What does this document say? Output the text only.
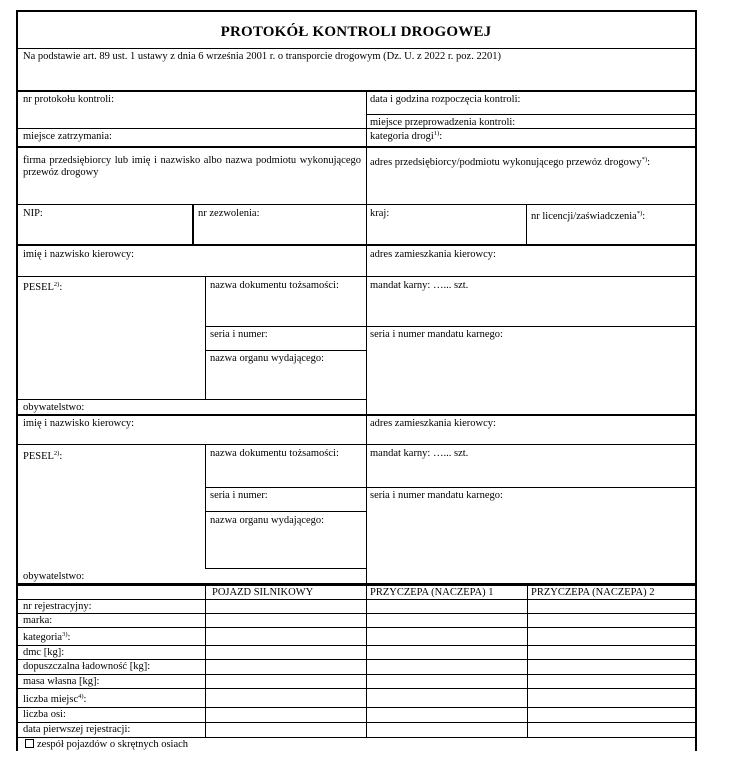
PROTOKÓŁ KONTROLI DROGOWEJ
Na podstawie art. 89 ust. 1 ustawy z dnia 6 września 2001 r. o transporcie drogowym (Dz. U. z 2022 r. poz. 2201)
nr protokołu kontroli:	data i godzina rozpoczęcia kontroli:
miejsce przeprowadzenia kontroli:
miejsce zatrzymania:	kategoria drogi$^{1)}$:
firma przedsiębiorcy lub imię i nazwisko albo nazwa podmiotu wykonującego przewóz drogowy
adres przedsiębiorcy/podmiotu wykonującego przewóz drogowy*):
NIP:	nr zezwolenia:	kraj:	nr licencji/zaświadczenia*):
imię i nazwisko kierowcy:	adres zamieszkania kierowcy:
PESEL$^{2)}$:	nazwa dokumentu tożsamości:	mandat karny: …... szt.
seria i numer:	seria i numer mandatu karnego:
nazwa organu wydającego:
obywatelstwo:
imię i nazwisko kierowcy:	adres zamieszkania kierowcy:
PESEL$^{2)}$:	nazwa dokumentu tożsamości:	mandat karny: …... szt.
seria i numer:	seria i numer mandatu karnego:
nazwa organu wydającego:
obywatelstwo:
POJAZD SILNIKOWY	PRZYCZEPA (NACZEPA) 1	PRZYCZEPA (NACZEPA) 2
nr rejestracyjny:
marka:
kategoria$^{3)}$:
dmc [kg]:
dopuszczalna ładowność [kg]:
masa własna [kg]:
liczba miejsc$^{4)}$:
liczba osi:
data pierwszej rejestracji:
zespół pojazdów o skrętnych osiach
